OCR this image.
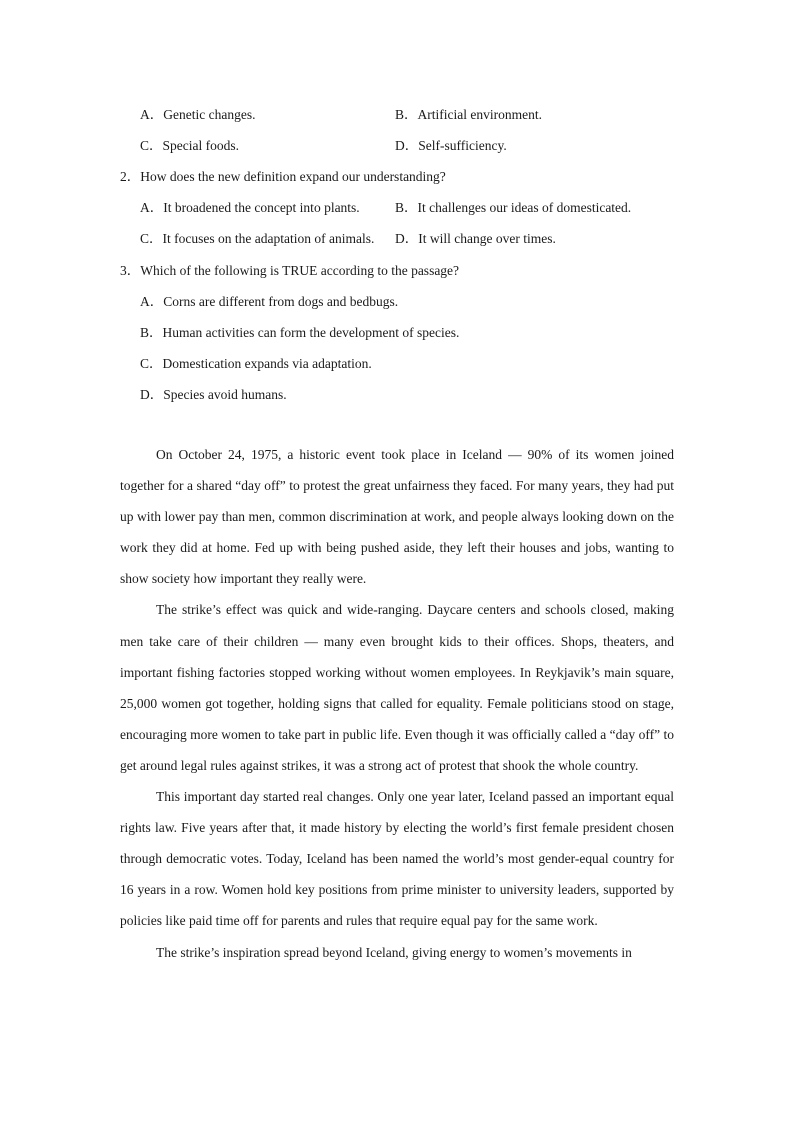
A．Genetic changes.	B．Artificial environment.
C．Special foods.	D．Self-sufficiency.
2．How does the new definition expand our understanding?
A．It broadened the concept into plants.	B．It challenges our ideas of domesticated.
C．It focuses on the adaptation of animals. D．It will change over times.
3．Which of the following is TRUE according to the passage?
A．Corns are different from dogs and bedbugs.
B．Human activities can form the development of species.
C．Domestication expands via adaptation.
D．Species avoid humans.

On October 24, 1975, a historic event took place in Iceland — 90% of its women joined together for a shared “day off” to protest the great unfairness they faced. For many years, they had put up with lower pay than men, common discrimination at work, and people always looking down on the work they did at home. Fed up with being pushed aside, they left their houses and jobs, wanting to show society how important they really were.

The strike’s effect was quick and wide-ranging. Daycare centers and schools closed, making men take care of their children — many even brought kids to their offices. Shops, theaters, and important fishing factories stopped working without women employees. In Reykjavik’s main square, 25,000 women got together, holding signs that called for equality. Female politicians stood on stage, encouraging more women to take part in public life. Even though it was officially called a “day off” to get around legal rules against strikes, it was a strong act of protest that shook the whole country.

This important day started real changes. Only one year later, Iceland passed an important equal rights law. Five years after that, it made history by electing the world’s first female president chosen through democratic votes. Today, Iceland has been named the world’s most gender-equal country for 16 years in a row. Women hold key positions from prime minister to university leaders, supported by policies like paid time off for parents and rules that require equal pay for the same work.

The strike’s inspiration spread beyond Iceland, giving energy to women’s movements in
